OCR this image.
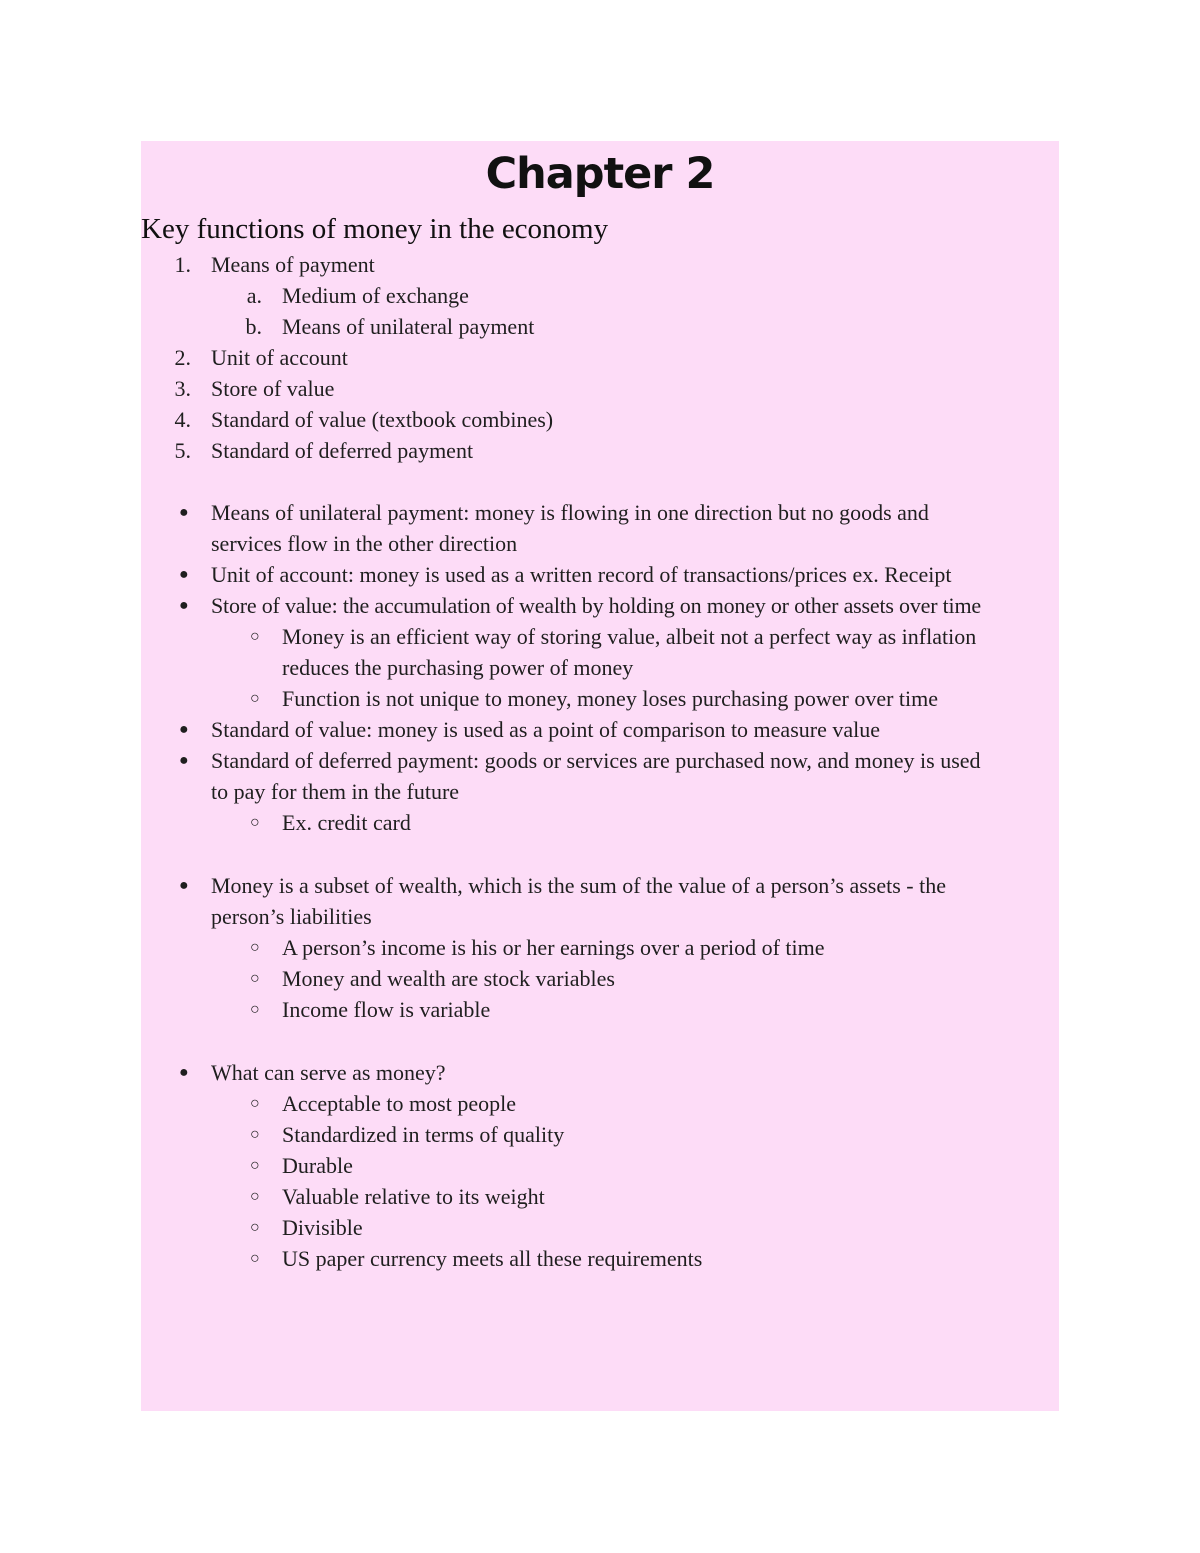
Chapter 2
Key functions of money in the economy
1. Means of payment
a. Medium of exchange
b. Means of unilateral payment
2. Unit of account
3. Store of value
4. Standard of value (textbook combines)
5. Standard of deferred payment
● Means of unilateral payment: money is flowing in one direction but no goods and
services flow in the other direction
● Unit of account: money is used as a written record of transactions/prices ex. Receipt
● Store of value: the accumulation of wealth by holding on money or other assets over time
○ Money is an efficient way of storing value, albeit not a perfect way as inflation
reduces the purchasing power of money
○ Function is not unique to money, money loses purchasing power over time
● Standard of value: money is used as a point of comparison to measure value
● Standard of deferred payment: goods or services are purchased now, and money is used
to pay for them in the future
○ Ex. credit card
● Money is a subset of wealth, which is the sum of the value of a person’s assets - the
person’s liabilities
○ A person’s income is his or her earnings over a period of time
○ Money and wealth are stock variables
○ Income flow is variable
● What can serve as money?
○ Acceptable to most people
○ Standardized in terms of quality
○ Durable
○ Valuable relative to its weight
○ Divisible
○ US paper currency meets all these requirements
